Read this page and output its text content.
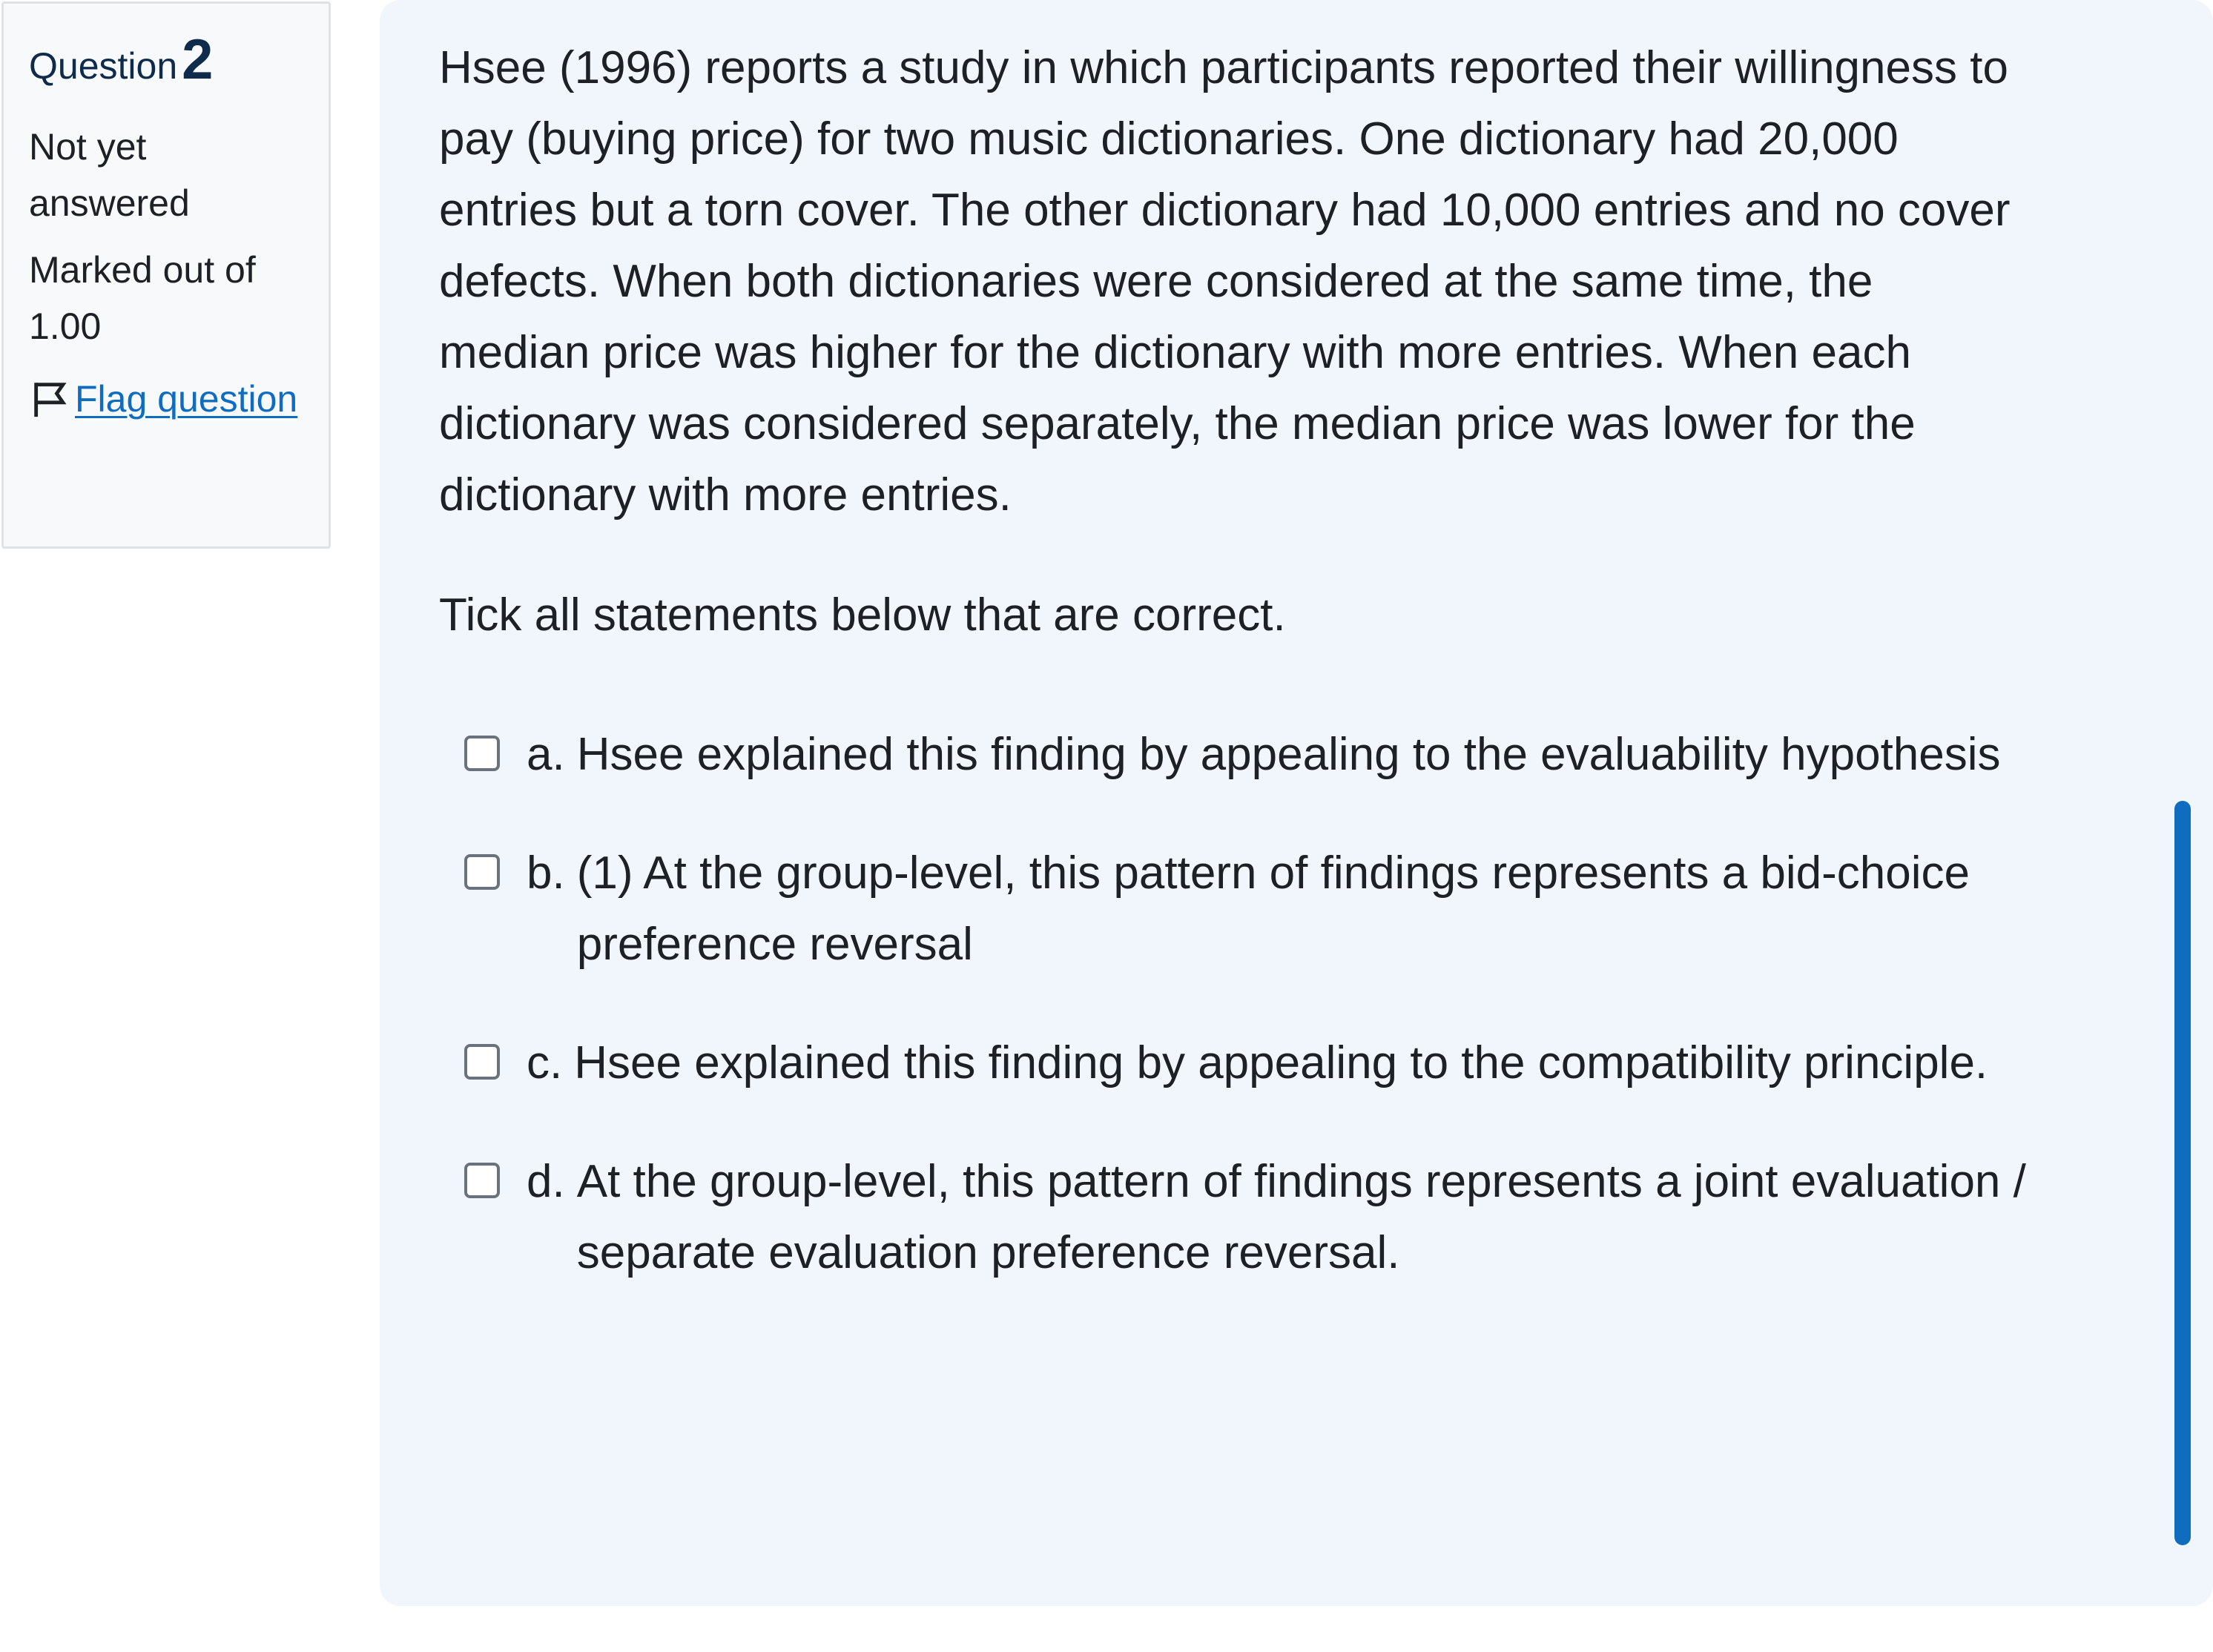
Question2
Not yet answered
Marked out of 1.00
Flag question

Hsee (1996) reports a study in which participants reported their willingness to pay (buying price) for two music dictionaries. One dictionary had 20,000 entries but a torn cover. The other dictionary had 10,000 entries and no cover defects. When both dictionaries were considered at the same time, the median price was higher for the dictionary with more entries. When each dictionary was considered separately, the median price was lower for the dictionary with more entries.

Tick all statements below that are correct.

a. Hsee explained this finding by appealing to the evaluability hypothesis
b. (1) At the group-level, this pattern of findings represents a bid-choice preference reversal
c. Hsee explained this finding by appealing to the compatibility principle.
d. At the group-level, this pattern of findings represents a joint evaluation / separate evaluation preference reversal.
